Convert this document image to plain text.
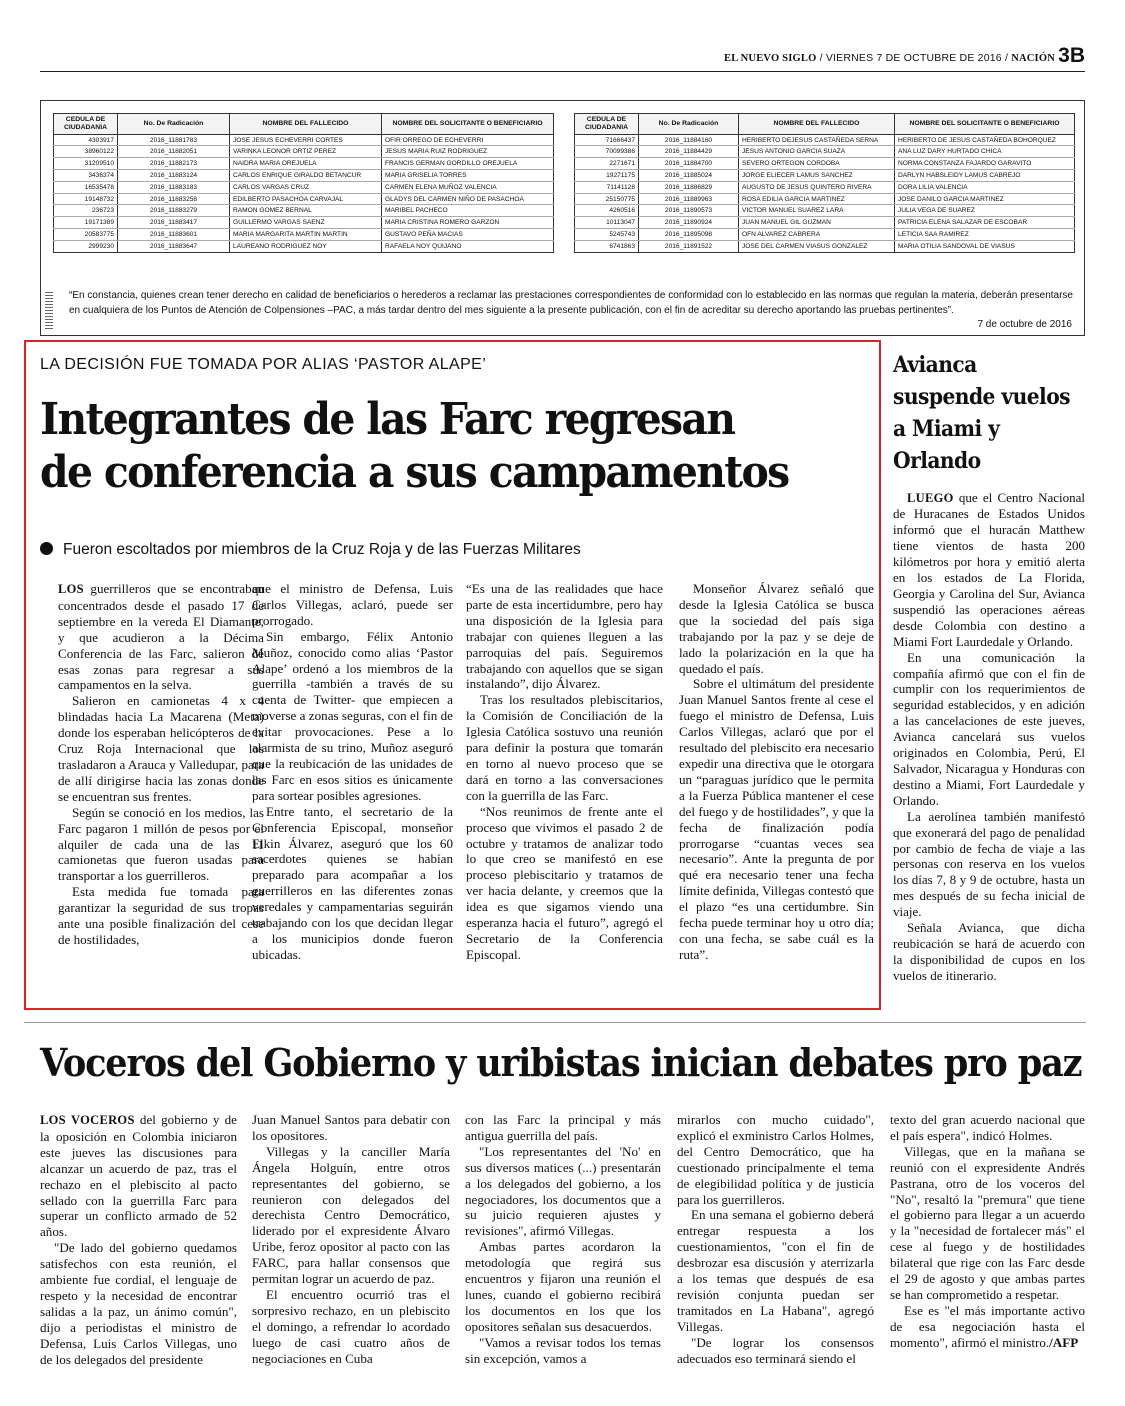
EL NUEVO SIGLO / VIERNES 7 DE OCTUBRE DE 2016 / NACIÓN 3B
CEDULA DE CIUDADANIA	No. De Radicación	NOMBRE DEL FALLECIDO	NOMBRE DEL SOLICITANTE O BENEFICIARIO
4303917	2016_11881783	JOSE JESUS ECHEVERRI CORTES	OFIR ORREGO DE ECHEVERRI
38960122	2016_11882051	VARINKA LEONOR ORTIZ PEREZ	JESUS MARIA RUIZ RODRIGUEZ
31209510	2016_11882173	NAIDRA MARIA OREJUELA	FRANCIS GERMAN GORDILLO OREJUELA
3436374	2016_11883124	CARLOS ENRIQUE GIRALDO BETANCUR	MARIA GRISELIA TORRES
16535478	2016_11883183	CARLOS VARGAS CRUZ	CARMEN ELENA MUÑOZ VALENCIA
19148732	2016_11883258	EDILBERTO PASACHOA CARVAJAL	GLADYS DEL CARMEN NIÑO DE PASACHOA
236723	2016_11883279	RAMON GOMEZ BERNAL	MARIBEL PACHECO
19171389	2016_11883417	GUILLERMO VARGAS SAENZ	MARIA CRISTINA ROMERO GARZON
20583775	2016_11883601	MARIA MARGARITA MARTIN MARTIN	GUSTAVO PEÑA MACIAS
2999230	2016_11883647	LAUREANO RODRIGUEZ NOY	RAFAELA NOY QUIJANO
CEDULA DE CIUDADANIA	No. De Radicación	NOMBRE DEL FALLECIDO	NOMBRE DEL SOLICITANTE O BENEFICIARIO
71666437	2016_11884160	HERIBERTO DEJESUS CASTAÑEDA SERNA	HERIBERTO DE JESUS CASTAÑEDA BOHORQUEZ
70099386	2016_11884429	JESUS ANTONIO GARCIA SUAZA	ANA LUZ DARY HURTADO CHICA
2271671	2016_11884700	SEVERO ORTEGON CORDOBA	NORMA CONSTANZA FAJARDO GARAVITO
19271175	2016_11885024	JORGE ELIECER LAMUS SANCHEZ	DARLYN HABSLEIDY LAMUS CABREJO
71141128	2016_11886829	AUGUSTO DE JESUS QUINTERO RIVERA	DORA LILIA VALENCIA
25150775	2016_11889963	ROSA EDILIA GARCIA MARTINEZ	JOSE DANILO GARCIA MARTINEZ
4260516	2016_11890573	VICTOR MANUEL SUAREZ LARA	JULIA VEGA DE SUAREZ
10113047	2016_11890924	JUAN MANUEL GIL GUZMAN	PATRICIA ELENA SALAZAR DE ESCOBAR
5245743	2016_11895098	OFN ALVAREZ CABRERA	LETICIA SAA RAMIREZ
6741863	2016_11891522	JOSE DEL CARMEN VIASUS GONZALEZ	MARIA OTILIA SANDOVAL DE VIASUS

“En constancia, quienes crean tener derecho en calidad de beneficiarios o herederos a reclamar las prestaciones correspondientes de conformidad con lo establecido en las normas que regulan la materia, deberán presentarse en cualquiera de los Puntos de Atención de Colpensiones –PAC, a más tardar dentro del mes siguiente a la presente publicación, con el fin de acreditar su derecho aportando las pruebas pertinentes”.

7 de octubre de 2016
LA DECISIÓN FUE TOMADA POR ALIAS ‘PASTOR ALAPE’
Integrantes de las Farc regresan
de conferencia a sus campamentos
Fueron escoltados por miembros de la Cruz Roja y de las Fuerzas Militares

LOS guerrilleros que se encontraban concentrados desde el pasado 17 de septiembre en la vereda El Diamante, y que acudieron a la Décima Conferencia de las Farc, salieron de esas zonas para regresar a sus campamentos en la selva.

Salieron en camionetas 4 x 4 blindadas hacia La Macarena (Meta) donde los esperaban helicópteros de la Cruz Roja Internacional que los trasladaron a Arauca y Valledupar, para de allí dirigirse hacia las zonas donde se encuentran sus frentes.

Según se conoció en los medios, las Farc pagaron 1 millón de pesos por el alquiler de cada una de las 11 camionetas que fueron usadas para transportar a los guerrilleros.

Esta medida fue tomada para garantizar la seguridad de sus tropas ante una posible finalización del cese de hostilidades,

que el ministro de Defensa, Luis Carlos Villegas, aclaró, puede ser prorrogado.

Sin embargo, Félix Antonio Muñoz, conocido como alias ‘Pastor Alape’ ordenó a los miembros de la guerrilla -también a través de su cuenta de Twitter- que empiecen a moverse a zonas seguras, con el fin de evitar provocaciones. Pese a lo alarmista de su trino, Muñoz aseguró que la reubicación de las unidades de las Farc en esos sitios es únicamente para sortear posibles agresiones.

Entre tanto, el secretario de la Conferencia Episcopal, monseñor Elkin Álvarez, aseguró que los 60 sacerdotes quienes se habían preparado para acompañar a los guerrilleros en las diferentes zonas veredales y campamentarias seguirán trabajando con los que decidan llegar a los municipios donde fueron ubicadas.

“Es una de las realidades que hace parte de esta incertidumbre, pero hay una disposición de la Iglesia para trabajar con quienes lleguen a las parroquias del país. Seguiremos trabajando con aquellos que se sigan instalando”, dijo Álvarez.

Tras los resultados plebiscitarios, la Comisión de Conciliación de la Iglesia Católica sostuvo una reunión para definir la postura que tomarán en torno al nuevo proceso que se dará en torno a las conversaciones con la guerrilla de las Farc.

“Nos reunimos de frente ante el proceso que vivimos el pasado 2 de octubre y tratamos de analizar todo lo que creo se manifestó en ese proceso plebiscitario y tratamos de ver hacia delante, y creemos que la idea es que sigamos viendo una esperanza hacia el futuro”, agregó el Secretario de la Conferencia Episcopal.

Monseñor Álvarez señaló que desde la Iglesia Católica se busca que la sociedad del país siga trabajando por la paz y se deje de lado la polarización en la que ha quedado el país.

Sobre el ultimátum del presidente Juan Manuel Santos frente al cese el fuego el ministro de Defensa, Luis Carlos Villegas, aclaró que por el resultado del plebiscito era necesario expedir una directiva que le otorgara un “paraguas jurídico que le permita a la Fuerza Pública mantener el cese del fuego y de hostilidades”, y que la fecha de finalización podía prorrogarse “cuantas veces sea necesario”. Ante la pregunta de por qué era necesario tener una fecha límite definida, Villegas contestó que el plazo “es una certidumbre. Sin fecha puede terminar hoy u otro día; con una fecha, se sabe cuál es la ruta”.

Avianca suspende vuelos a Miami y Orlando

LUEGO que el Centro Nacional de Huracanes de Estados Unidos informó que el huracán Matthew tiene vientos de hasta 200 kilómetros por hora y emitió alerta en los estados de La Florida, Georgia y Carolina del Sur, Avianca suspendió las operaciones aéreas desde Colombia con destino a Miami Fort Laurdedale y Orlando.

En una comunicación la compañía afirmó que con el fin de cumplir con los requerimientos de seguridad establecidos, y en adición a las cancelaciones de este jueves, Avianca cancelará sus vuelos originados en Colombia, Perú, El Salvador, Nicaragua y Honduras con destino a Miami, Fort Laurdedale y Orlando.

La aerolínea también manifestó que exonerará del pago de penalidad por cambio de fecha de viaje a las personas con reserva en los vuelos los días 7, 8 y 9 de octubre, hasta un mes después de su fecha inicial de viaje.

Señala Avianca, que dicha reubicación se hará de acuerdo con la disponibilidad de cupos en los vuelos de itinerario.

Voceros del Gobierno y uribistas inician debates pro paz

LOS VOCEROS del gobierno y de la oposición en Colombia iniciaron este jueves las discusiones para alcanzar un acuerdo de paz, tras el rechazo en el plebiscito al pacto sellado con la guerrilla Farc para superar un conflicto armado de 52 años.

"De lado del gobierno quedamos satisfechos con esta reunión, el ambiente fue cordial, el lenguaje de respeto y la necesidad de encontrar salidas a la paz, un ánimo común", dijo a periodistas el ministro de Defensa, Luis Carlos Villegas, uno de los delegados del presidente

Juan Manuel Santos para debatir con los opositores.

Villegas y la canciller María Ángela Holguín, entre otros representantes del gobierno, se reunieron con delegados del derechista Centro Democrático, liderado por el expresidente Álvaro Uribe, feroz opositor al pacto con las FARC, para hallar consensos que permitan lograr un acuerdo de paz.

El encuentro ocurrió tras el sorpresivo rechazo, en un plebiscito el domingo, a refrendar lo acordado luego de casi cuatro años de negociaciones en Cuba

con las Farc la principal y más antigua guerrilla del país.

"Los representantes del 'No' en sus diversos matices (...) presentarán a los delegados del gobierno, a los negociadores, los documentos que a su juicio requieren ajustes y revisiones", afirmó Villegas.

Ambas partes acordaron la metodología que regirá sus encuentros y fijaron una reunión el lunes, cuando el gobierno recibirá los documentos en los que los opositores señalan sus desacuerdos.

"Vamos a revisar todos los temas sin excepción, vamos a

mirarlos con mucho cuidado", explicó el exministro Carlos Holmes, del Centro Democrático, que ha cuestionado principalmente el tema de elegibilidad política y de justicia para los guerrilleros.

En una semana el gobierno deberá entregar respuesta a los cuestionamientos, "con el fin de desbrozar esa discusión y aterrizarla a los temas que después de esa revisión conjunta puedan ser tramitados en La Habana", agregó Villegas.

"De lograr los consensos adecuados eso terminará siendo el

texto del gran acuerdo nacional que el país espera", indicó Holmes.

Villegas, que en la mañana se reunió con el expresidente Andrés Pastrana, otro de los voceros del "No", resaltó la "premura" que tiene el gobierno para llegar a un acuerdo y la "necesidad de fortalecer más" el cese al fuego y de hostilidades bilateral que rige con las Farc desde el 29 de agosto y que ambas partes se han comprometido a respetar.

Ese es "el más importante activo de esa negociación hasta el momento", afirmó el ministro./AFP
